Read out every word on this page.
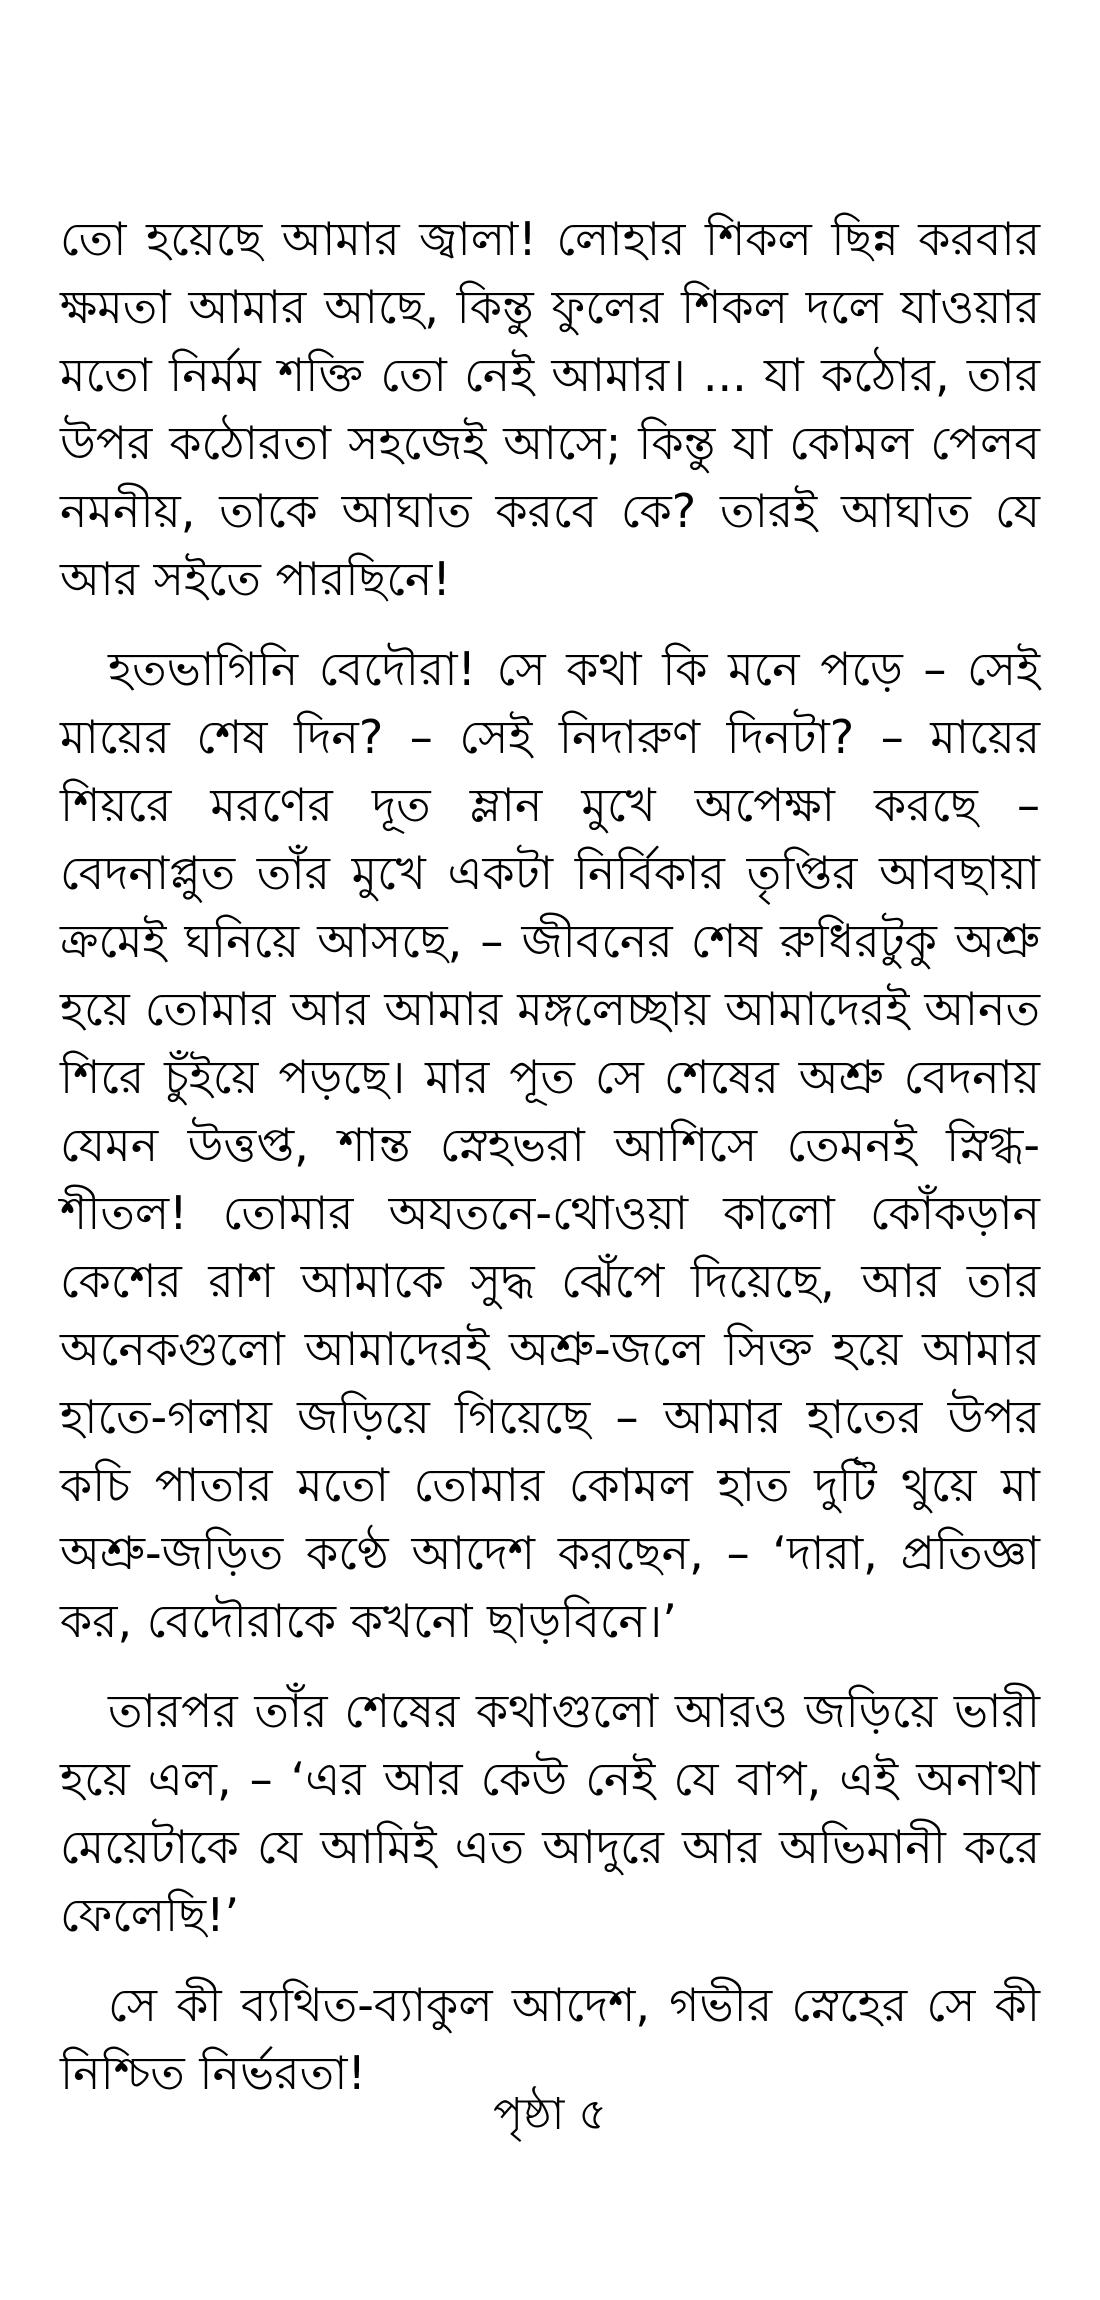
তো হয়েছে আমার জ্বালা! লোহার শিকল ছিন্ন করবার ক্ষমতা আমার আছে, কিন্তু ফুলের শিকল দলে যাওয়ার মতো নির্মম শক্তি তো নেই আমার। ... যা কঠোর, তার উপর কঠোরতা সহজেই আসে; কিন্তু যা কোমল পেলব নমনীয়, তাকে আঘাত করবে কে? তারই আঘাত যে আর সইতে পারছিনে!

হতভাগিনি বেদৌরা! সে কথা কি মনে পড়ে – সেই মায়ের শেষ দিন? – সেই নিদারুণ দিনটা? – মায়ের শিয়রে মরণের দূত ম্লান মুখে অপেক্ষা করছে – বেদনাপ্লুত তাঁর মুখে একটা নির্বিকার তৃপ্তির আবছায়া ক্রমেই ঘনিয়ে আসছে, – জীবনের শেষ রুধিরটুকু অশ্রু হয়ে তোমার আর আমার মঙ্গলেচ্ছায় আমাদেরই আনত শিরে চুঁইয়ে পড়ছে। মার পূত সে শেষের অশ্রু বেদনায় যেমন উত্তপ্ত, শান্ত স্নেহভরা আশিসে তেমনই স্নিগ্ধ-শীতল! তোমার অযতনে-থোওয়া কালো কোঁকড়ান কেশের রাশ আমাকে সুদ্ধ ঝেঁপে দিয়েছে, আর তার অনেকগুলো আমাদেরই অশ্রু-জলে সিক্ত হয়ে আমার হাতে-গলায় জড়িয়ে গিয়েছে – আমার হাতের উপর কচি পাতার মতো তোমার কোমল হাত দুটি থুয়ে মা অশ্রু-জড়িত কণ্ঠে আদেশ করছেন, – ‘দারা, প্রতিজ্ঞা কর, বেদৌরাকে কখনো ছাড়বিনে।’

তারপর তাঁর শেষের কথাগুলো আরও জড়িয়ে ভারী হয়ে এল, – ‘এর আর কেউ নেই যে বাপ, এই অনাথা মেয়েটাকে যে আমিই এত আদুরে আর অভিমানী করে ফেলেছি!’

সে কী ব্যথিত-ব্যাকুল আদেশ, গভীর স্নেহের সে কী নিশ্চিত নির্ভরতা!

পৃষ্ঠা ৫
